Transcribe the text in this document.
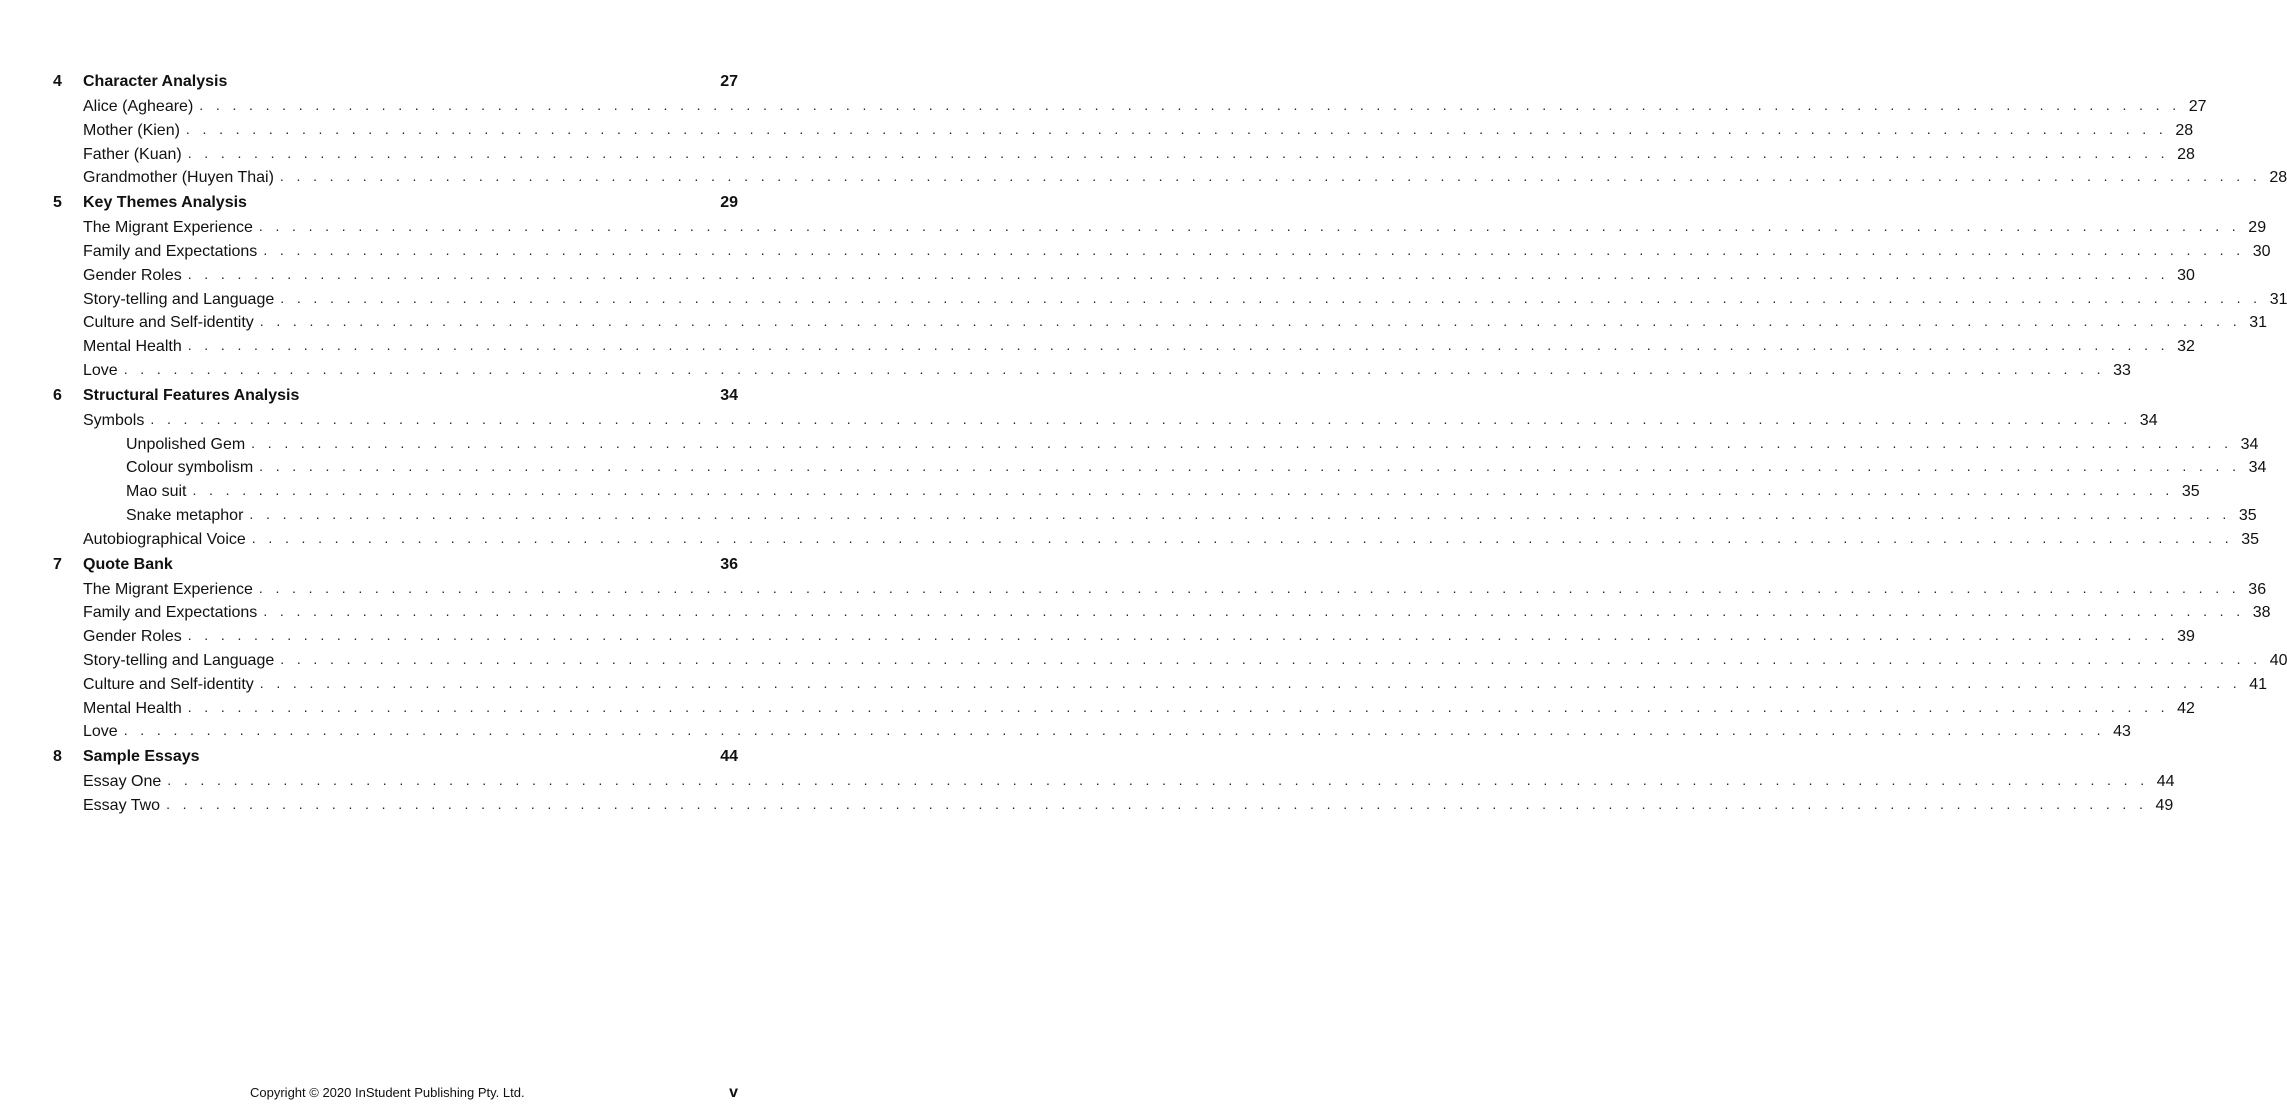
4	Character Analysis	27
Alice (Agheare) . . . . . . . . . . . . . . . . . . . . . . . . . . . . . . . . . . . . . . . . . . . . . . . . . . . . . . . . . . . . . . . . . . . . . . . . . . . . . . . . . . . . . . . . . . . . . . . . . . . . . . . . . . . . . . . . . . . . . . . . 27
Mother (Kien) . . . . . . . . . . . . . . . . . . . . . . . . . . . . . . . . . . . . . . . . . . . . . . . . . . . . . . . . . . . . . . . . . . . . . . . . . . . . . . . . . . . . . . . . . . . . . . . . . . . . . . . . . . . . . . . . . . . . . . . . 28
Father (Kuan) . . . . . . . . . . . . . . . . . . . . . . . . . . . . . . . . . . . . . . . . . . . . . . . . . . . . . . . . . . . . . . . . . . . . . . . . . . . . . . . . . . . . . . . . . . . . . . . . . . . . . . . . . . . . . . . . . . . . . . . . 28
Grandmother (Huyen Thai) . . . . . . . . . . . . . . . . . . . . . . . . . . . . . . . . . . . . . . . . . . . . . . . . . . . . . . . . . . . . . . . . . . . . . . . . . . . . . . . . . . . . . . . . . . . . . . . . . . . . . . . . . . . . . . . . . . . . . . . . 28
5	Key Themes Analysis	29
The Migrant Experience . . . . . . . . . . . . . . . . . . . . . . . . . . . . . . . . . . . . . . . . . . . . . . . . . . . . . . . . . . . . . . . . . . . . . . . . . . . . . . . . . . . . . . . . . . . . . . . . . . . . . . . . . . . . . . . . . . . . . . . . 29
Family and Expectations . . . . . . . . . . . . . . . . . . . . . . . . . . . . . . . . . . . . . . . . . . . . . . . . . . . . . . . . . . . . . . . . . . . . . . . . . . . . . . . . . . . . . . . . . . . . . . . . . . . . . . . . . . . . . . . . . . . . . . . . 30
Gender Roles . . . . . . . . . . . . . . . . . . . . . . . . . . . . . . . . . . . . . . . . . . . . . . . . . . . . . . . . . . . . . . . . . . . . . . . . . . . . . . . . . . . . . . . . . . . . . . . . . . . . . . . . . . . . . . . . . . . . . . . . 30
Story-telling and Language . . . . . . . . . . . . . . . . . . . . . . . . . . . . . . . . . . . . . . . . . . . . . . . . . . . . . . . . . . . . . . . . . . . . . . . . . . . . . . . . . . . . . . . . . . . . . . . . . . . . . . . . . . . . . . . . . . . . . . . . 31
Culture and Self-identity . . . . . . . . . . . . . . . . . . . . . . . . . . . . . . . . . . . . . . . . . . . . . . . . . . . . . . . . . . . . . . . . . . . . . . . . . . . . . . . . . . . . . . . . . . . . . . . . . . . . . . . . . . . . . . . . . . . . . . . . 31
Mental Health . . . . . . . . . . . . . . . . . . . . . . . . . . . . . . . . . . . . . . . . . . . . . . . . . . . . . . . . . . . . . . . . . . . . . . . . . . . . . . . . . . . . . . . . . . . . . . . . . . . . . . . . . . . . . . . . . . . . . . . . 32
Love . . . . . . . . . . . . . . . . . . . . . . . . . . . . . . . . . . . . . . . . . . . . . . . . . . . . . . . . . . . . . . . . . . . . . . . . . . . . . . . . . . . . . . . . . . . . . . . . . . . . . . . . . . . . . . . . . . . . . . . . 33
6	Structural Features Analysis	34
Symbols . . . . . . . . . . . . . . . . . . . . . . . . . . . . . . . . . . . . . . . . . . . . . . . . . . . . . . . . . . . . . . . . . . . . . . . . . . . . . . . . . . . . . . . . . . . . . . . . . . . . . . . . . . . . . . . . . . . . . . . . 34
Unpolished Gem . . . . . . . . . . . . . . . . . . . . . . . . . . . . . . . . . . . . . . . . . . . . . . . . . . . . . . . . . . . . . . . . . . . . . . . . . . . . . . . . . . . . . . . . . . . . . . . . . . . . . . . . . . . . . . . . . . . . . . . . 34
Colour symbolism . . . . . . . . . . . . . . . . . . . . . . . . . . . . . . . . . . . . . . . . . . . . . . . . . . . . . . . . . . . . . . . . . . . . . . . . . . . . . . . . . . . . . . . . . . . . . . . . . . . . . . . . . . . . . . . . . . . . . . . . 34
Mao suit . . . . . . . . . . . . . . . . . . . . . . . . . . . . . . . . . . . . . . . . . . . . . . . . . . . . . . . . . . . . . . . . . . . . . . . . . . . . . . . . . . . . . . . . . . . . . . . . . . . . . . . . . . . . . . . . . . . . . . . . 35
Snake metaphor . . . . . . . . . . . . . . . . . . . . . . . . . . . . . . . . . . . . . . . . . . . . . . . . . . . . . . . . . . . . . . . . . . . . . . . . . . . . . . . . . . . . . . . . . . . . . . . . . . . . . . . . . . . . . . . . . . . . . . . . 35
Autobiographical Voice . . . . . . . . . . . . . . . . . . . . . . . . . . . . . . . . . . . . . . . . . . . . . . . . . . . . . . . . . . . . . . . . . . . . . . . . . . . . . . . . . . . . . . . . . . . . . . . . . . . . . . . . . . . . . . . . . . . . . . . . 35
7	Quote Bank	36
The Migrant Experience . . . . . . . . . . . . . . . . . . . . . . . . . . . . . . . . . . . . . . . . . . . . . . . . . . . . . . . . . . . . . . . . . . . . . . . . . . . . . . . . . . . . . . . . . . . . . . . . . . . . . . . . . . . . . . . . . . . . . . . . 36
Family and Expectations . . . . . . . . . . . . . . . . . . . . . . . . . . . . . . . . . . . . . . . . . . . . . . . . . . . . . . . . . . . . . . . . . . . . . . . . . . . . . . . . . . . . . . . . . . . . . . . . . . . . . . . . . . . . . . . . . . . . . . . . 38
Gender Roles . . . . . . . . . . . . . . . . . . . . . . . . . . . . . . . . . . . . . . . . . . . . . . . . . . . . . . . . . . . . . . . . . . . . . . . . . . . . . . . . . . . . . . . . . . . . . . . . . . . . . . . . . . . . . . . . . . . . . . . . 39
Story-telling and Language . . . . . . . . . . . . . . . . . . . . . . . . . . . . . . . . . . . . . . . . . . . . . . . . . . . . . . . . . . . . . . . . . . . . . . . . . . . . . . . . . . . . . . . . . . . . . . . . . . . . . . . . . . . . . . . . . . . . . . . . 40
Culture and Self-identity . . . . . . . . . . . . . . . . . . . . . . . . . . . . . . . . . . . . . . . . . . . . . . . . . . . . . . . . . . . . . . . . . . . . . . . . . . . . . . . . . . . . . . . . . . . . . . . . . . . . . . . . . . . . . . . . . . . . . . . . 41
Mental Health . . . . . . . . . . . . . . . . . . . . . . . . . . . . . . . . . . . . . . . . . . . . . . . . . . . . . . . . . . . . . . . . . . . . . . . . . . . . . . . . . . . . . . . . . . . . . . . . . . . . . . . . . . . . . . . . . . . . . . . . 42
Love . . . . . . . . . . . . . . . . . . . . . . . . . . . . . . . . . . . . . . . . . . . . . . . . . . . . . . . . . . . . . . . . . . . . . . . . . . . . . . . . . . . . . . . . . . . . . . . . . . . . . . . . . . . . . . . . . . . . . . . . 43
8	Sample Essays	44
Essay One . . . . . . . . . . . . . . . . . . . . . . . . . . . . . . . . . . . . . . . . . . . . . . . . . . . . . . . . . . . . . . . . . . . . . . . . . . . . . . . . . . . . . . . . . . . . . . . . . . . . . . . . . . . . . . . . . . . . . . . . 44
Essay Two . . . . . . . . . . . . . . . . . . . . . . . . . . . . . . . . . . . . . . . . . . . . . . . . . . . . . . . . . . . . . . . . . . . . . . . . . . . . . . . . . . . . . . . . . . . . . . . . . . . . . . . . . . . . . . . . . . . . . . . . 49
Copyright © 2020 InStudent Publishing Pty. Ltd.	v
